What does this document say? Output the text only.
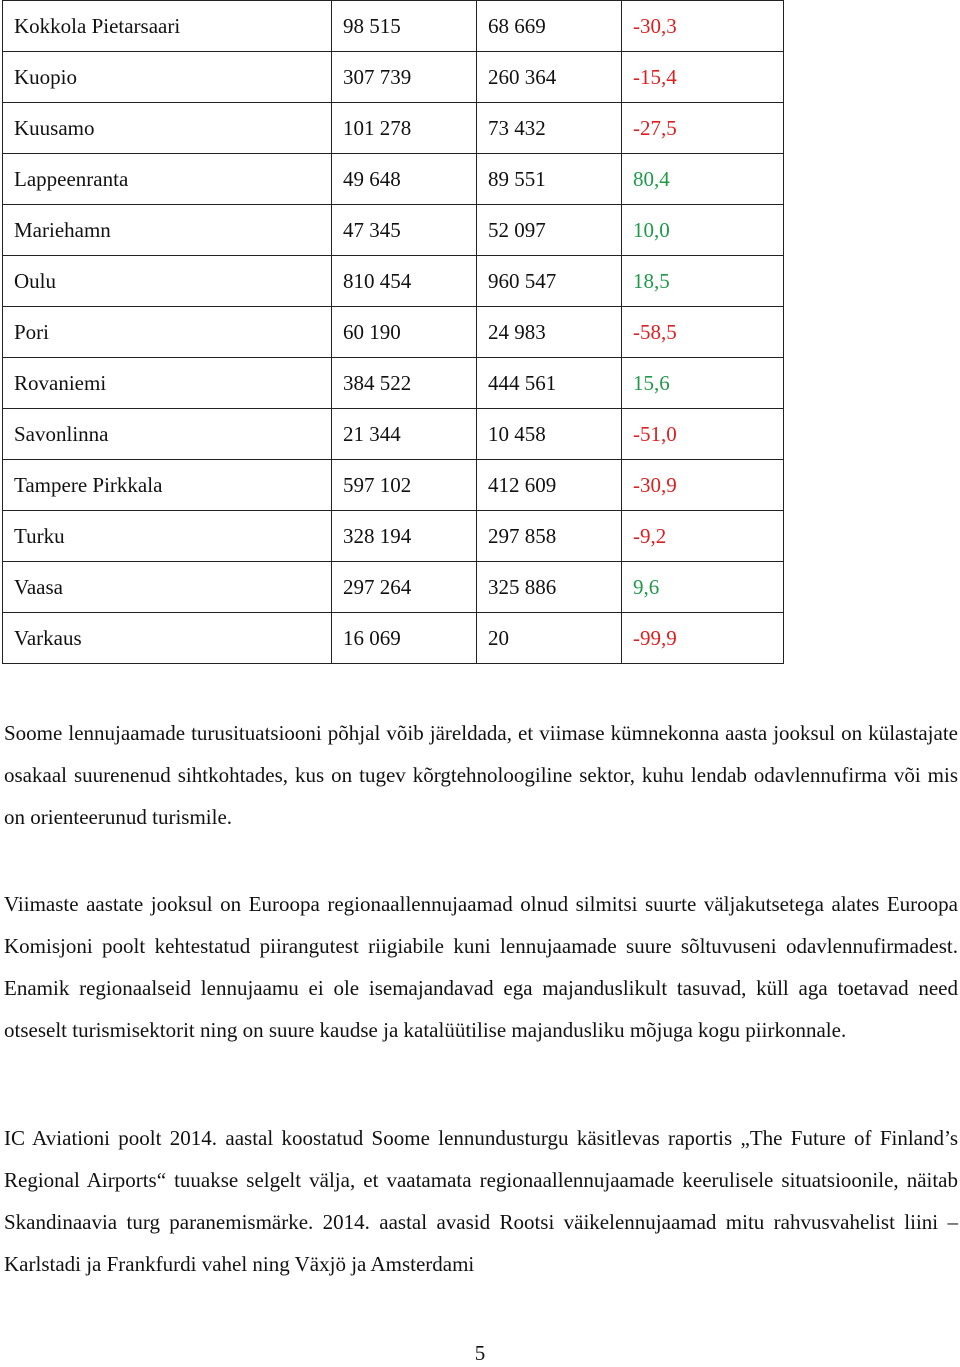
Kokkola Pietarsaari	98 515	68 669	-30,3
Kuopio	307 739	260 364	-15,4
Kuusamo	101 278	73 432	-27,5
Lappeenranta	49 648	89 551	80,4
Mariehamn	47 345	52 097	10,0
Oulu	810 454	960 547	18,5
Pori	60 190	24 983	-58,5
Rovaniemi	384 522	444 561	15,6
Savonlinna	21 344	10 458	-51,0
Tampere Pirkkala	597 102	412 609	-30,9
Turku	328 194	297 858	-9,2
Vaasa	297 264	325 886	9,6
Varkaus	16 069	20	-99,9

Soome lennujaamade turusituatsiooni põhjal võib järeldada, et viimase kümnekonna aasta jooksul on külastajate osakaal suurenenud sihtkohtades, kus on tugev kõrgtehnoloogiline sektor, kuhu lendab odavlennufirma või mis on orienteerunud turismile.

Viimaste aastate jooksul on Euroopa regionaallennujaamad olnud silmitsi suurte väljakutsetega alates Euroopa Komisjoni poolt kehtestatud piirangutest riigiabile kuni lennujaamade suure sõltuvuseni odavlennufirmadest. Enamik regionaalseid lennujaamu ei ole isemajandavad ega majanduslikult tasuvad, küll aga toetavad need otseselt turismisektorit ning on suure kaudse ja katalüütilise majandusliku mõjuga kogu piirkonnale.

IC Aviationi poolt 2014. aastal koostatud Soome lennundusturgu käsitlevas raportis „The Future of Finland’s Regional Airports“ tuuakse selgelt välja, et vaatamata regionaallennujaamade keerulisele situatsioonile, näitab Skandinaavia turg paranemismärke. 2014. aastal avasid Rootsi väikelennujaamad mitu rahvusvahelist liini – Karlstadi ja Frankfurdi vahel ning Växjö ja Amsterdami

5
